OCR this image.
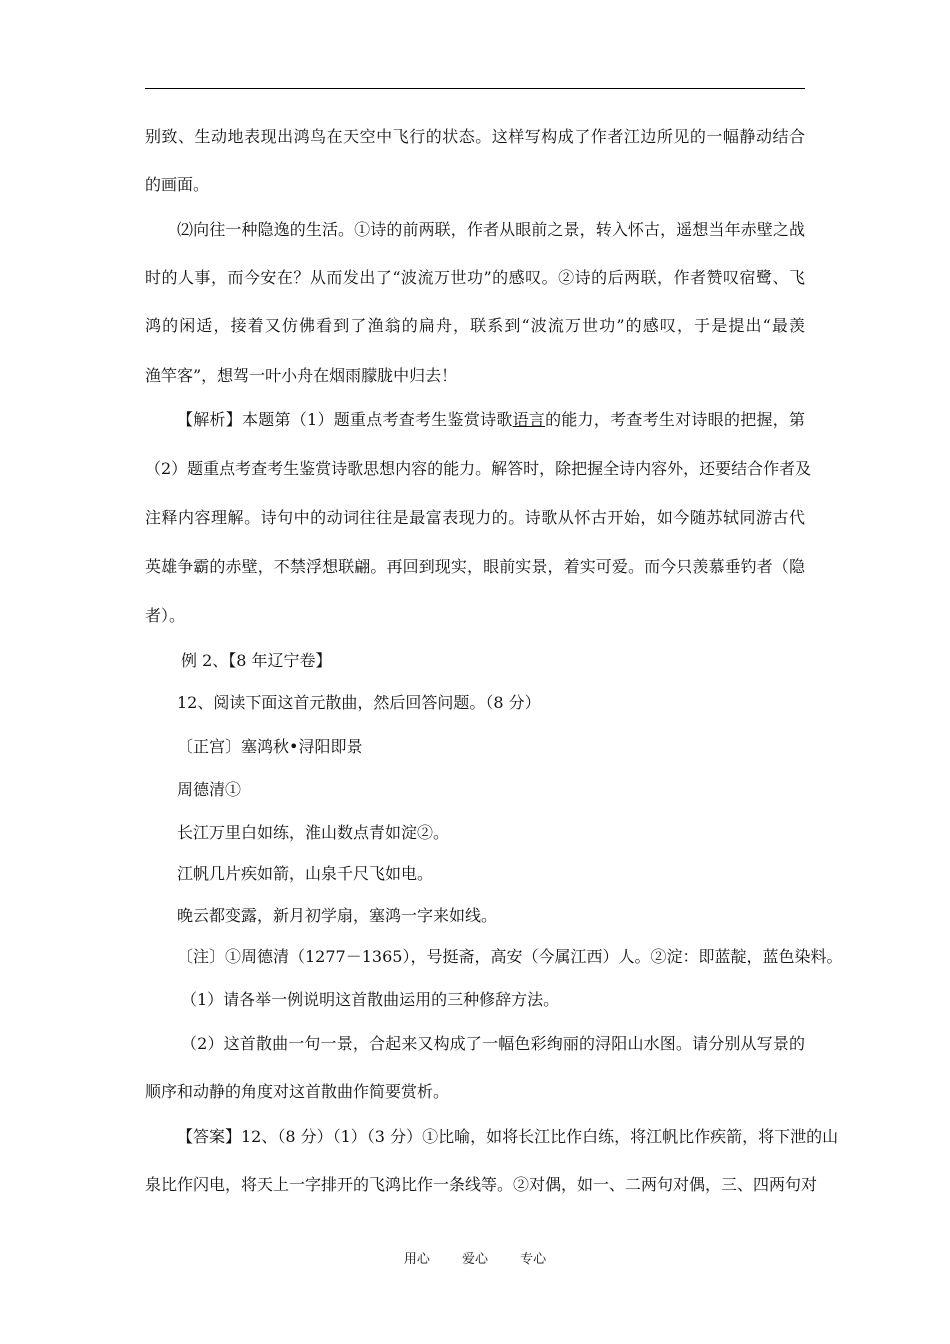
别致、生动地表现出鸿鸟在天空中飞行的状态。这样写构成了作者江边所见的一幅静动结合
的画面。
⑵向往一种隐逸的生活。①诗的前两联，作者从眼前之景，转入怀古，遥想当年赤壁之战
时的人事，而今安在？从而发出了“波流万世功”的感叹。②诗的后两联，作者赞叹宿鹭、飞
鸿的闲适，接着又仿佛看到了渔翁的扁舟，联系到“波流万世功”的感叹，于是提出“最羡
渔竿客”，想驾一叶小舟在烟雨朦胧中归去！
【解析】本题第（1）题重点考查考生鉴赏诗歌语言的能力，考查考生对诗眼的把握，第
（2）题重点考查考生鉴赏诗歌思想内容的能力。解答时，除把握全诗内容外，还要结合作者及
注释内容理解。诗句中的动词往往是最富表现力的。诗歌从怀古开始，如今随苏轼同游古代
英雄争霸的赤壁，不禁浮想联翩。再回到现实，眼前实景，着实可爱。而今只羡慕垂钓者（隐
者）。
例 2、【8 年辽宁卷】
12、阅读下面这首元散曲，然后回答问题。（8 分）
〔正宫〕塞鸿秋•浔阳即景
周德清①
长江万里白如练，淮山数点青如淀②。
江帆几片疾如箭，山泉千尺飞如电。
晚云都变露，新月初学扇，塞鸿一字来如线。
〔注〕①周德清（1277－1365），号挺斋，高安（今属江西）人。②淀：即蓝靛，蓝色染料。
（1）请各举一例说明这首散曲运用的三种修辞方法。
（2）这首散曲一句一景，合起来又构成了一幅色彩绚丽的浔阳山水图。请分别从写景的
顺序和动静的角度对这首散曲作简要赏析。
【答案】12、（8 分）（1）（3 分）①比喻，如将长江比作白练，将江帆比作疾箭，将下泄的山
泉比作闪电，将天上一字排开的飞鸿比作一条线等。②对偶，如一、二两句对偶，三、四两句对
用心 爱心 专心
